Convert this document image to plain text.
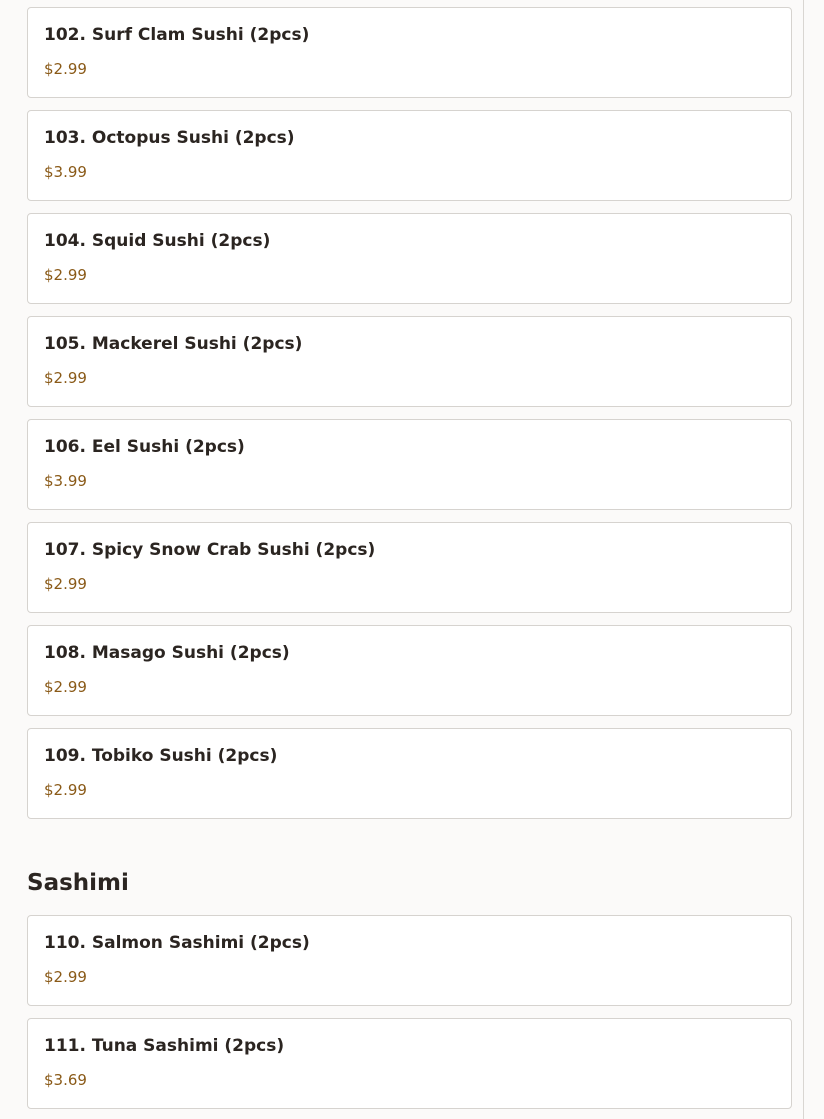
102. Surf Clam Sushi (2pcs)
$2.99
103. Octopus Sushi (2pcs)
$3.99
104. Squid Sushi (2pcs)
$2.99
105. Mackerel Sushi (2pcs)
$2.99
106. Eel Sushi (2pcs)
$3.99
107. Spicy Snow Crab Sushi (2pcs)
$2.99
108. Masago Sushi (2pcs)
$2.99
109. Tobiko Sushi (2pcs)
$2.99
Sashimi
110. Salmon Sashimi (2pcs)
$2.99
111. Tuna Sashimi (2pcs)
$3.69
